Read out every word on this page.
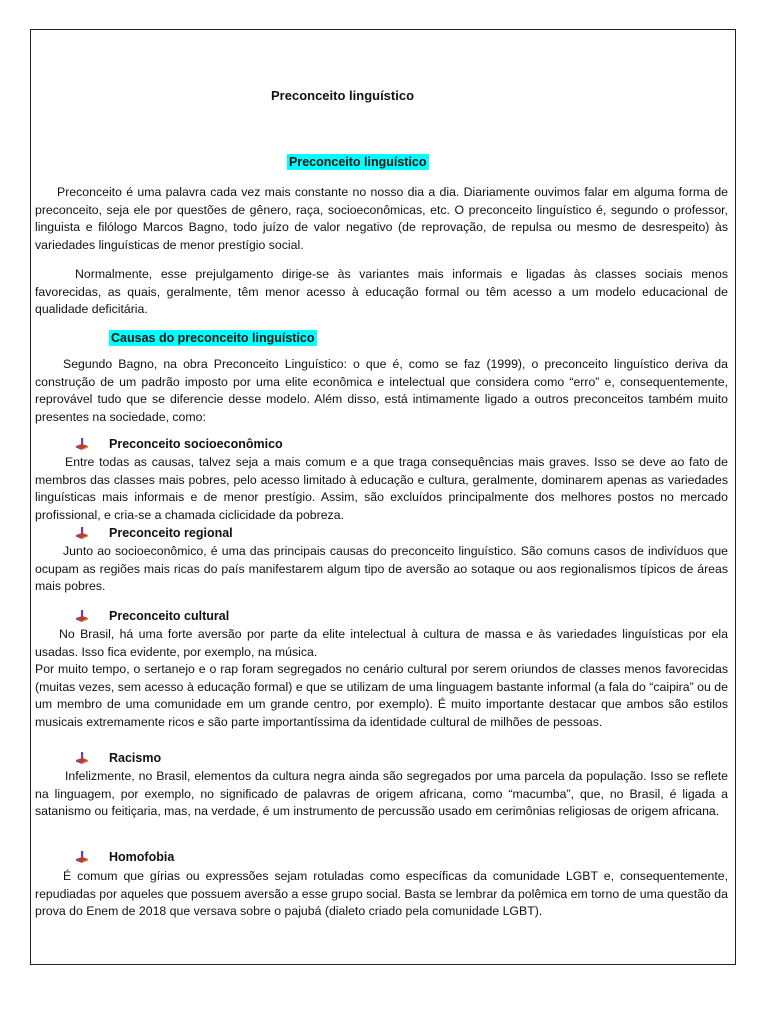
Preconceito linguístico

Preconceito linguístico

Preconceito é uma palavra cada vez mais constante no nosso dia a dia. Diariamente ouvimos falar em alguma forma de preconceito, seja ele por questões de gênero, raça, socioeconômicas, etc. O preconceito linguístico é, segundo o professor, linguista e filólogo Marcos Bagno, todo juízo de valor negativo (de reprovação, de repulsa ou mesmo de desrespeito) às variedades linguísticas de menor prestígio social.

Normalmente, esse prejulgamento dirige-se às variantes mais informais e ligadas às classes sociais menos favorecidas, as quais, geralmente, têm menor acesso à educação formal ou têm acesso a um modelo educacional de qualidade deficitária.

Causas do preconceito linguístico

Segundo Bagno, na obra Preconceito Linguístico: o que é, como se faz (1999), o preconceito linguístico deriva da construção de um padrão imposto por uma elite econômica e intelectual que considera como “erro” e, consequentemente, reprovável tudo que se diferencie desse modelo. Além disso, está intimamente ligado a outros preconceitos também muito presentes na sociedade, como:

Preconceito socioeconômico

Entre todas as causas, talvez seja a mais comum e a que traga consequências mais graves. Isso se deve ao fato de membros das classes mais pobres, pelo acesso limitado à educação e cultura, geralmente, dominarem apenas as variedades linguísticas mais informais e de menor prestígio. Assim, são excluídos principalmente dos melhores postos no mercado profissional, e cria-se a chamada ciclicidade da pobreza.

Preconceito regional

Junto ao socioeconômico, é uma das principais causas do preconceito linguístico. São comuns casos de indivíduos que ocupam as regiões mais ricas do país manifestarem algum tipo de aversão ao sotaque ou aos regionalismos típicos de áreas mais pobres.

Preconceito cultural

No Brasil, há uma forte aversão por parte da elite intelectual à cultura de massa e às variedades linguísticas por ela usadas. Isso fica evidente, por exemplo, na música.

Por muito tempo, o sertanejo e o rap foram segregados no cenário cultural por serem oriundos de classes menos favorecidas (muitas vezes, sem acesso à educação formal) e que se utilizam de uma linguagem bastante informal (a fala do “caipira” ou de um membro de uma comunidade em um grande centro, por exemplo). É muito importante destacar que ambos são estilos musicais extremamente ricos e são parte importantíssima da identidade cultural de milhões de pessoas.

Racismo

Infelizmente, no Brasil, elementos da cultura negra ainda são segregados por uma parcela da população. Isso se reflete na linguagem, por exemplo, no significado de palavras de origem africana, como “macumba”, que, no Brasil, é ligada a satanismo ou feitiçaria, mas, na verdade, é um instrumento de percussão usado em cerimônias religiosas de origem africana.

Homofobia

É comum que gírias ou expressões sejam rotuladas como específicas da comunidade LGBT e, consequentemente, repudiadas por aqueles que possuem aversão a esse grupo social. Basta se lembrar da polêmica em torno de uma questão da prova do Enem de 2018 que versava sobre o pajubá (dialeto criado pela comunidade LGBT).
